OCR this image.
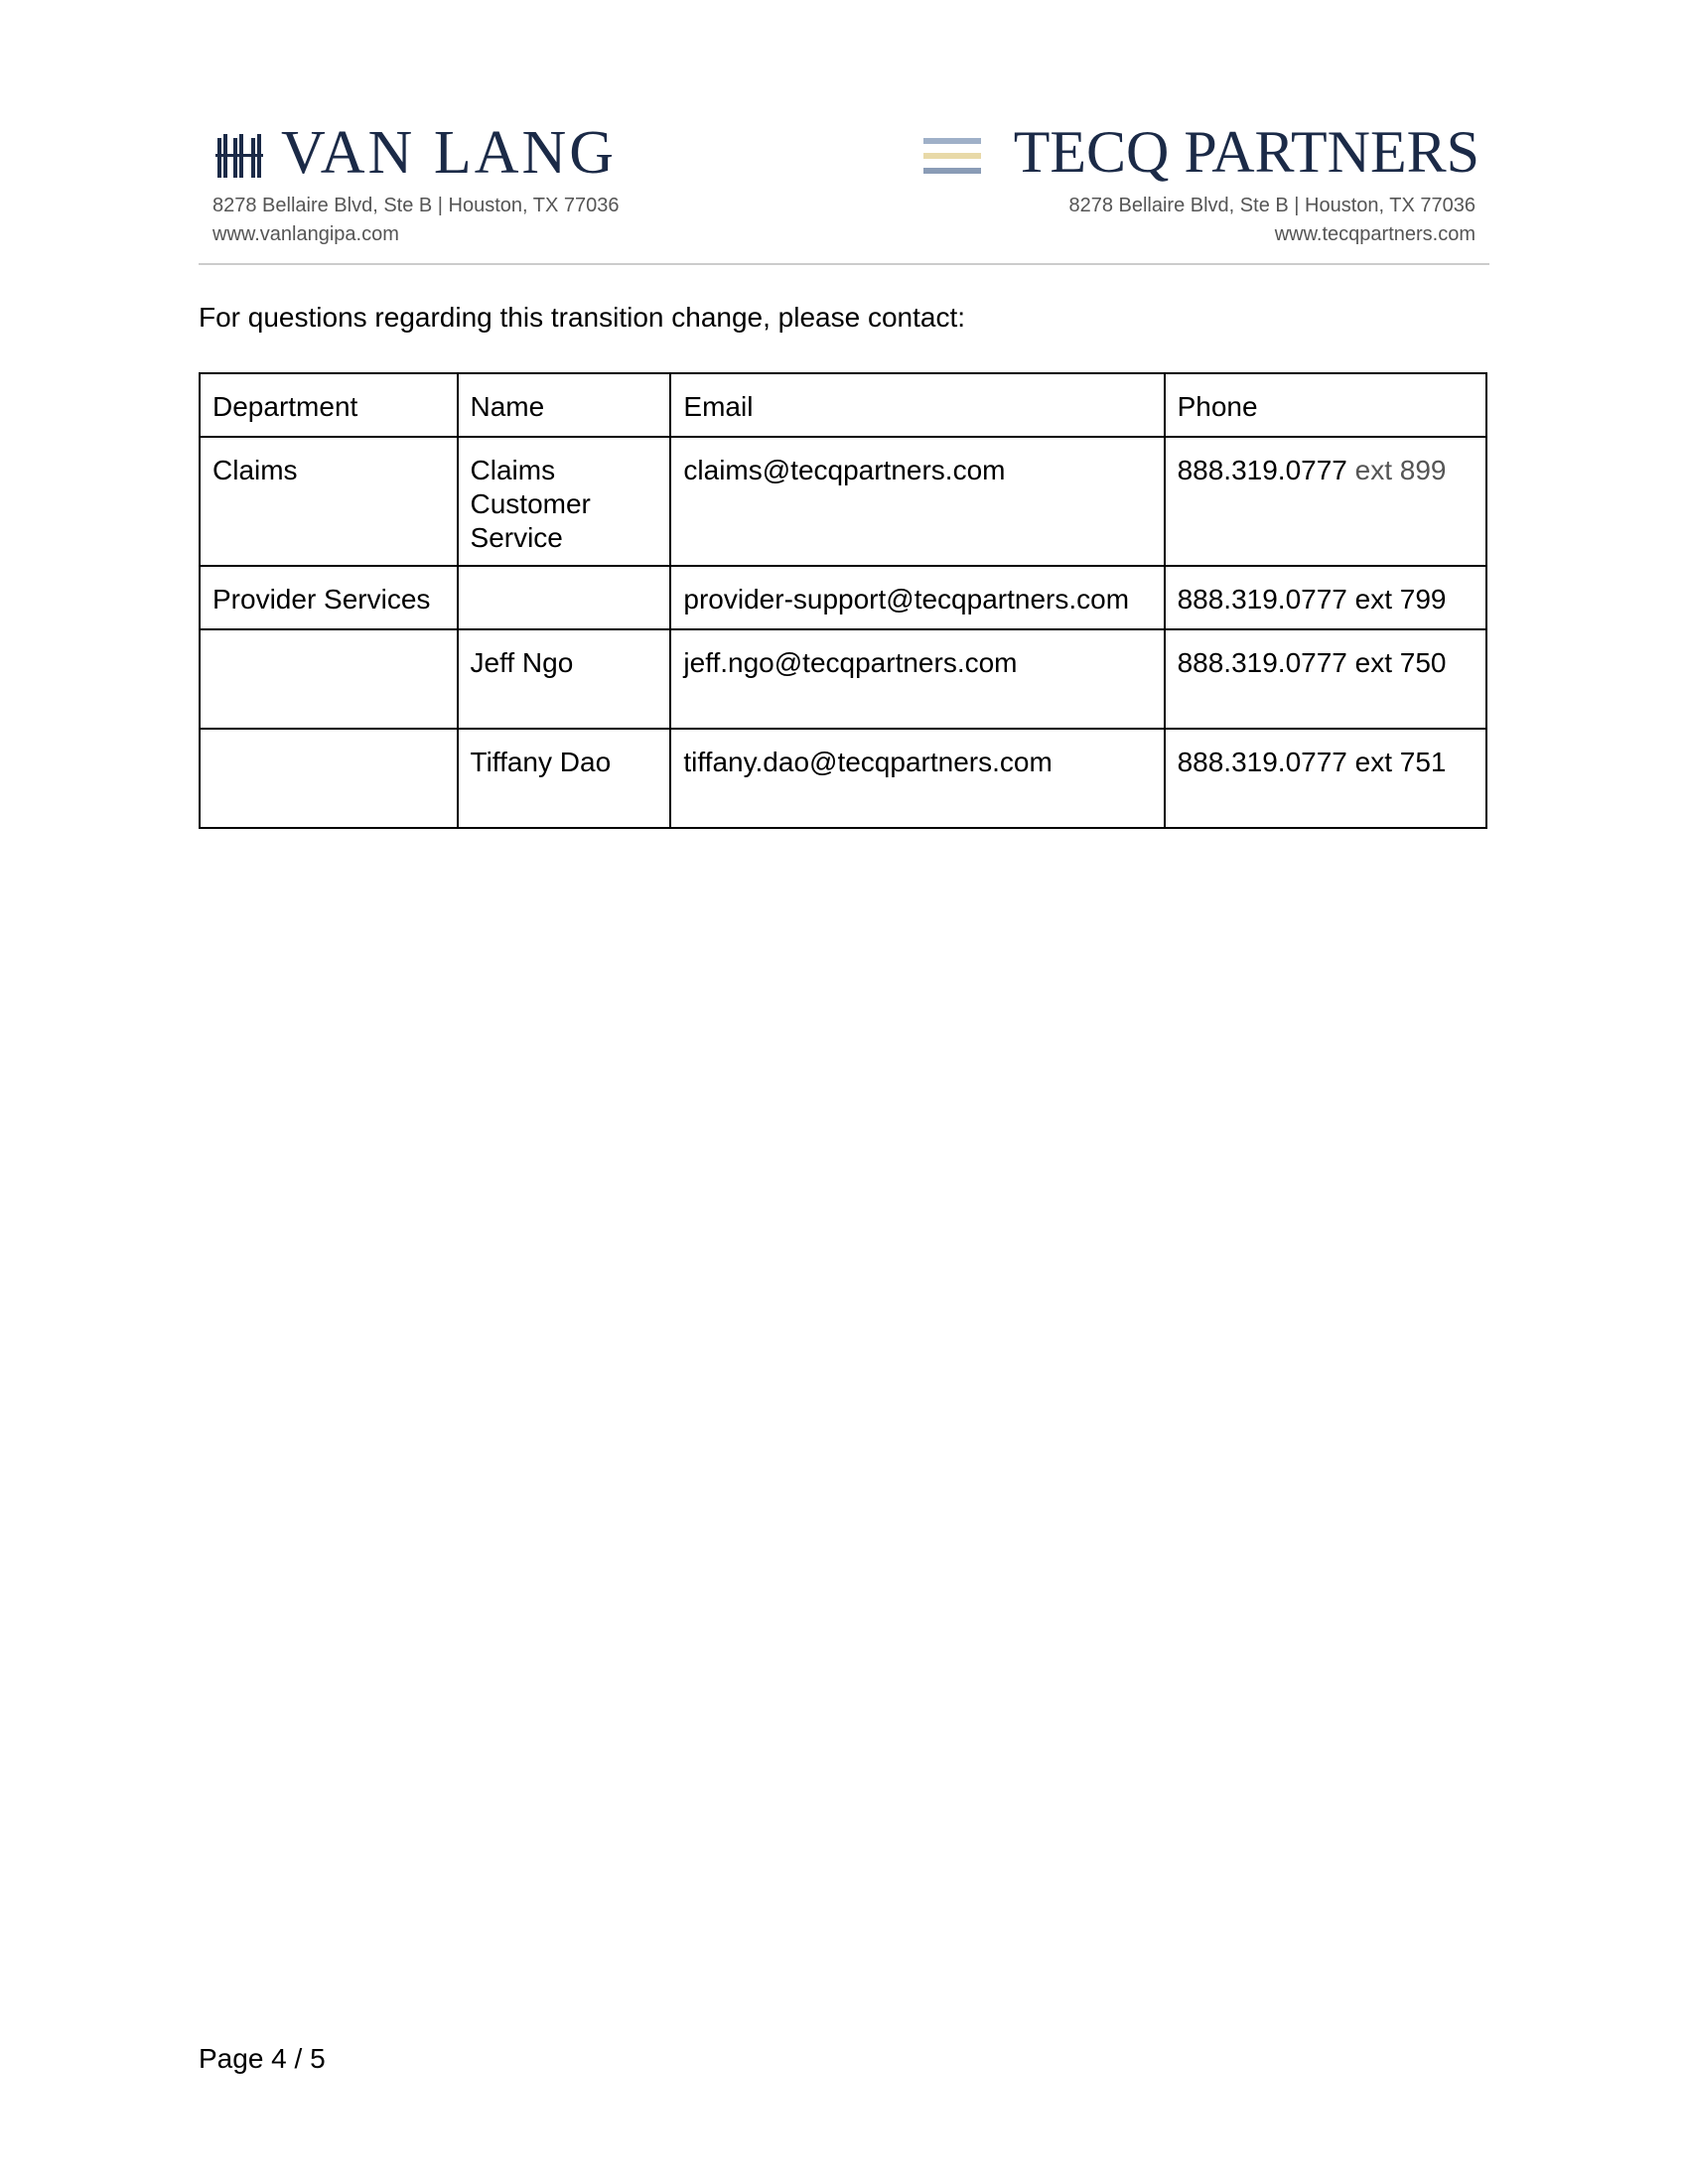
VAN LANG
8278 Bellaire Blvd, Ste B | Houston, TX 77036
www.vanlangipa.com
TECQ PARTNERS
8278 Bellaire Blvd, Ste B | Houston, TX 77036
www.tecqpartners.com
For questions regarding this transition change, please contact:
Department	Name	Email	Phone
Claims	Claims Customer Service	claims@tecqpartners.com	888.319.0777 ext 899
Provider Services		provider-support@tecqpartners.com	888.319.0777 ext 799
	Jeff Ngo	jeff.ngo@tecqpartners.com	888.319.0777 ext 750
	Tiffany Dao	tiffany.dao@tecqpartners.com	888.319.0777 ext 751
Page 4 / 5
